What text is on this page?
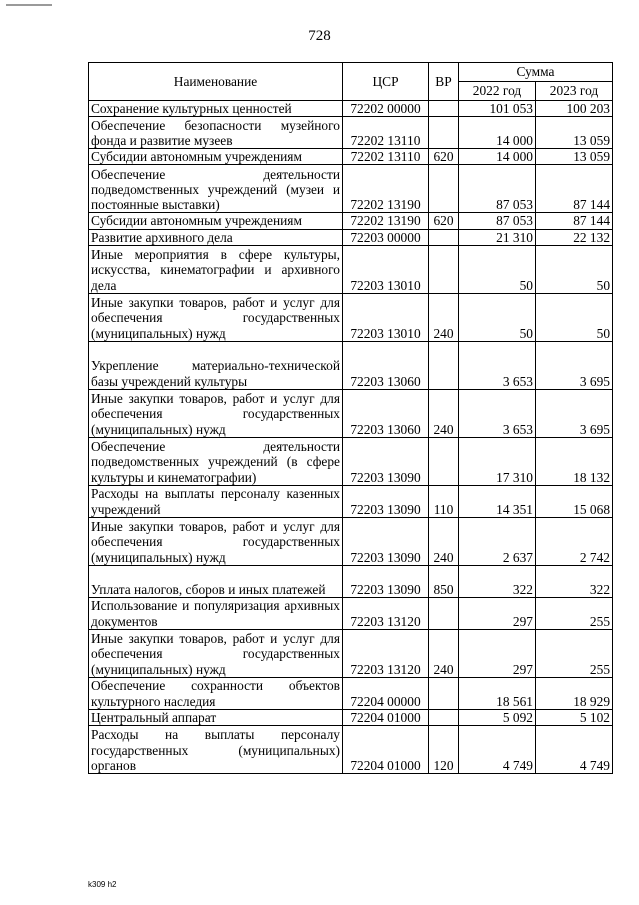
728
Наименование	ЦСР	ВР	Сумма	
			2022 год	2023 год
Сохранение культурных ценностей	72202 00000		101 053	100 203
Обеспечение безопасности музейного фонда и развитие музеев	72202 13110		14 000	13 059
Субсидии автономным учреждениям	72202 13110	620	14 000	13 059
Обеспечение деятельности подведомственных учреждений (музеи и постоянные выставки)	72202 13190		87 053	87 144
Субсидии автономным учреждениям	72202 13190	620	87 053	87 144
Развитие архивного дела	72203 00000		21 310	22 132
Иные мероприятия в сфере культуры, искусства, кинематографии и архивного дела	72203 13010		50	50
Иные закупки товаров, работ и услуг для обеспечения государственных (муниципальных) нужд	72203 13010	240	50	50
Укрепление материально-технической базы учреждений культуры	72203 13060		3 653	3 695
Иные закупки товаров, работ и услуг для обеспечения государственных (муниципальных) нужд	72203 13060	240	3 653	3 695
Обеспечение деятельности подведомственных учреждений (в сфере культуры и кинематографии)	72203 13090		17 310	18 132
Расходы на выплаты персоналу казенных учреждений	72203 13090	110	14 351	15 068
Иные закупки товаров, работ и услуг для обеспечения государственных (муниципальных) нужд	72203 13090	240	2 637	2 742
Уплата налогов, сборов и иных платежей	72203 13090	850	322	322
Использование и популяризация архивных документов	72203 13120		297	255
Иные закупки товаров, работ и услуг для обеспечения государственных (муниципальных) нужд	72203 13120	240	297	255
Обеспечение сохранности объектов культурного наследия	72204 00000		18 561	18 929
Центральный аппарат	72204 01000		5 092	5 102
Расходы на выплаты персоналу государственных (муниципальных) органов	72204 01000	120	4 749	4 749
k309 h2
